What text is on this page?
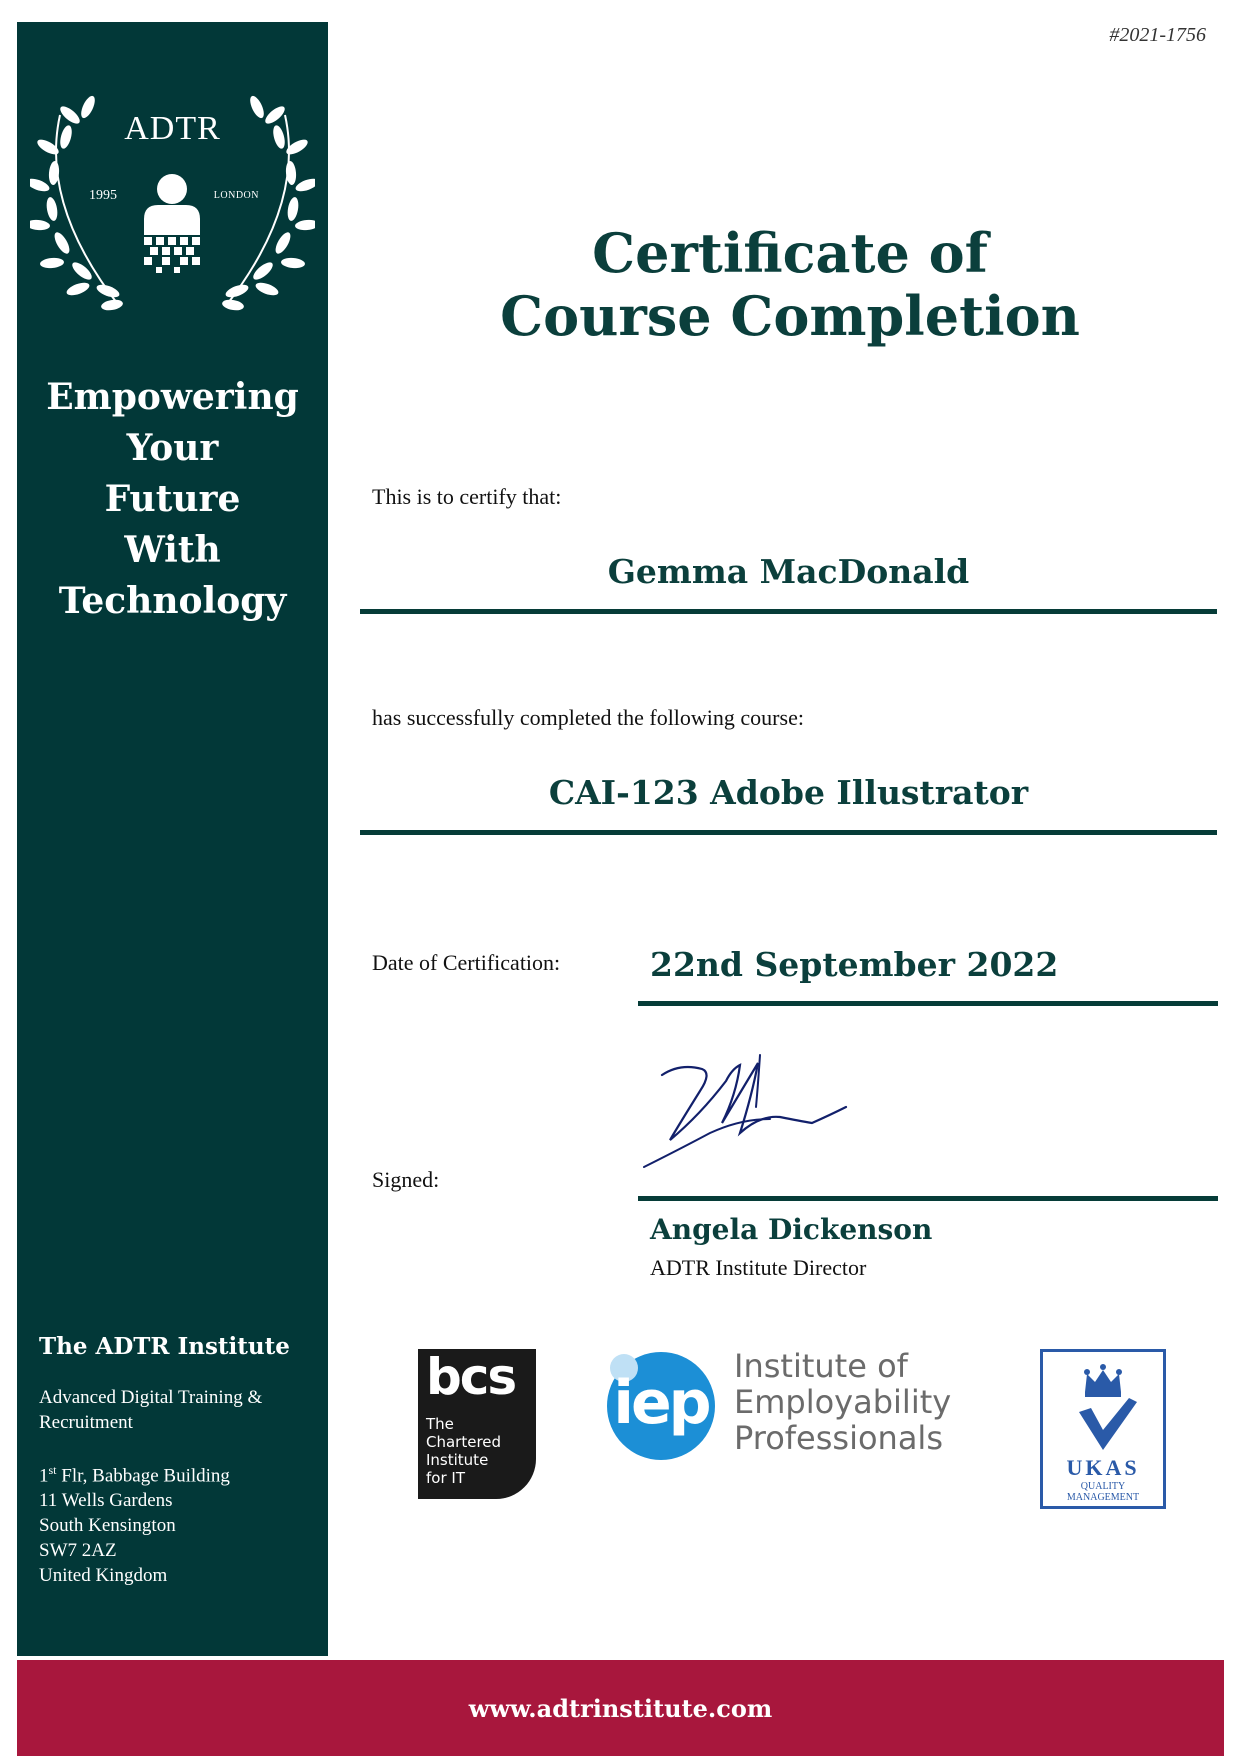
#2021-1756
ADTR
1995	LONDON
Empowering
Your
Future
With
Technology
The ADTR Institute
Advanced Digital Training & Recruitment
1st Flr, Babbage Building
11 Wells Gardens
South Kensington
SW7 2AZ
United Kingdom
Certificate of
Course Completion
This is to certify that:
Gemma MacDonald
has successfully completed the following course:
CAI-123 Adobe Illustrator
Date of Certification:	22nd September 2022
Signed:
Angela Dickenson
ADTR Institute Director
bcs
The
Chartered
Institute
for IT
iep
Institute of
Employability
Professionals
UKAS
QUALITY
MANAGEMENT
www.adtrinstitute.com
